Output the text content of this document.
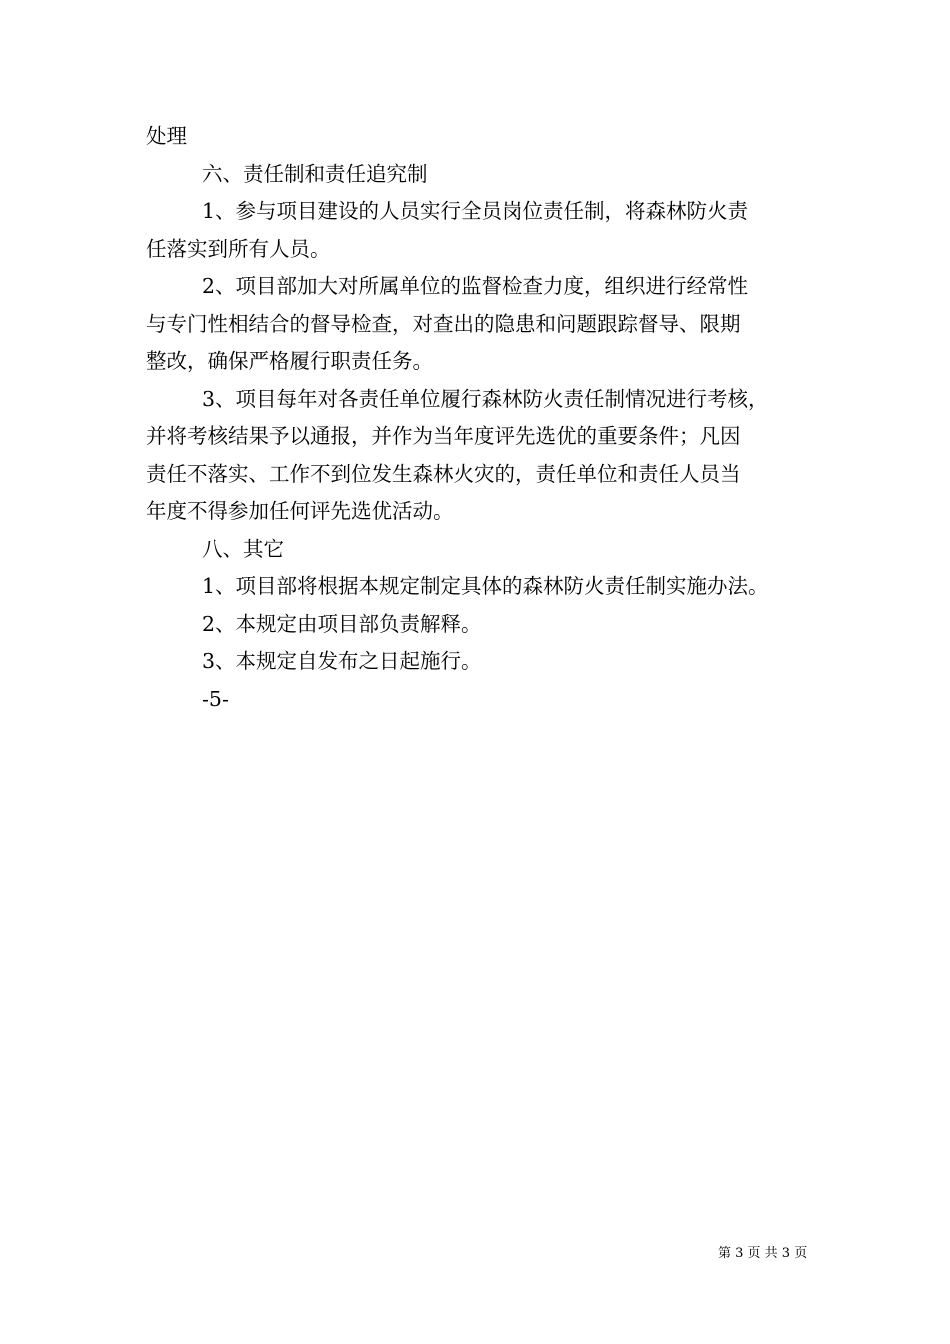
处理
六、责任制和责任追究制
1、参与项目建设的人员实行全员岗位责任制，将森林防火责
任落实到所有人员。
2、项目部加大对所属单位的监督检查力度，组织进行经常性
与专门性相结合的督导检查，对查出的隐患和问题跟踪督导、限期
整改，确保严格履行职责任务。
3、项目每年对各责任单位履行森林防火责任制情况进行考核，
并将考核结果予以通报，并作为当年度评先选优的重要条件；凡因
责任不落实、工作不到位发生森林火灾的，责任单位和责任人员当
年度不得参加任何评先选优活动。
八、其它
1、项目部将根据本规定制定具体的森林防火责任制实施办法。
2、本规定由项目部负责解释。
3、本规定自发布之日起施行。
-5-
第 3 页 共 3 页
